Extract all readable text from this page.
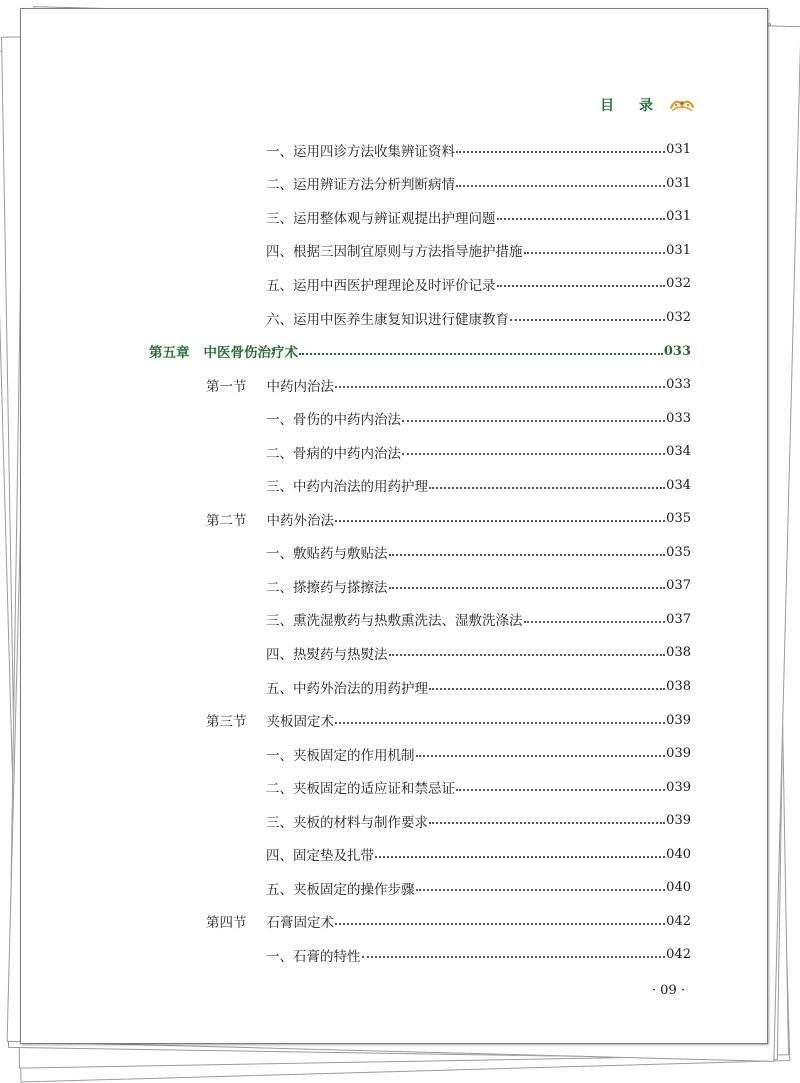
目 录
一、运用四诊方法收集辨证资料	031
二、运用辨证方法分析判断病情	031
三、运用整体观与辨证观提出护理问题	031
四、根据三因制宜原则与方法指导施护措施	031
五、运用中西医护理理论及时评价记录	032
六、运用中医养生康复知识进行健康教育	032
第五章 中医骨伤治疗术	033
第一节 中药内治法	033
一、骨伤的中药内治法	033
二、骨病的中药内治法	034
三、中药内治法的用药护理	034
第二节 中药外治法	035
一、敷贴药与敷贴法	035
二、搽擦药与搽擦法	037
三、熏洗湿敷药与热敷熏洗法、湿敷洗涤法	037
四、热熨药与热熨法	038
五、中药外治法的用药护理	038
第三节 夹板固定术	039
一、夹板固定的作用机制	039
二、夹板固定的适应证和禁忌证	039
三、夹板的材料与制作要求	039
四、固定垫及扎带	040
五、夹板固定的操作步骤	040
第四节 石膏固定术	042
一、石膏的特性	042
· 09 ·
